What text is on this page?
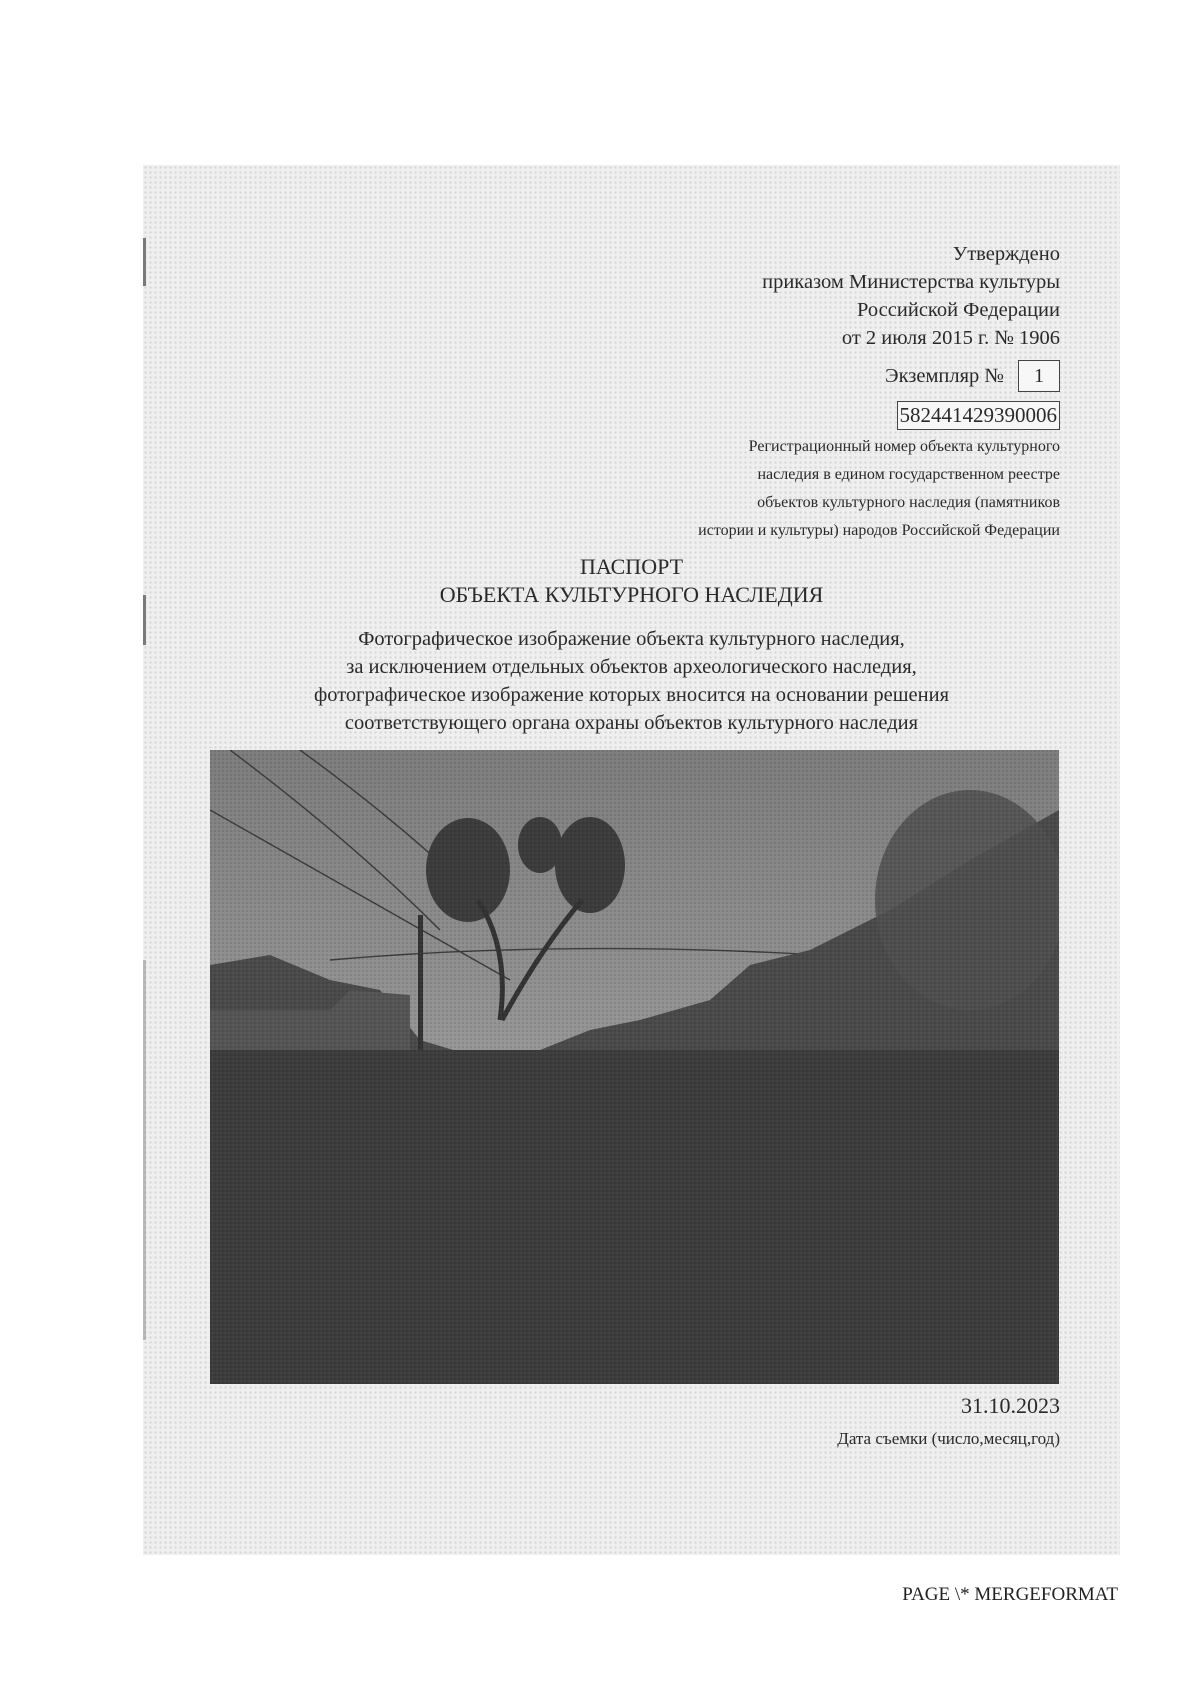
Утверждено
приказом Министерства культуры
Российской Федерации
от 2 июля 2015 г. № 1906
Экземпляр №	1
582441429390006
Регистрационный номер объекта культурного
наследия в едином государственном реестре
объектов культурного наследия (памятников
истории и культуры) народов Российской Федерации
ПАСПОРТ
ОБЪЕКТА КУЛЬТУРНОГО НАСЛЕДИЯ
Фотографическое изображение объекта культурного наследия,
за исключением отдельных объектов археологического наследия,
фотографическое изображение которых вносится на основании решения
соответствующего органа охраны объектов культурного наследия
31.10.2023
Дата съемки (число,месяц,год)
PAGE \* MERGEFORMAT
